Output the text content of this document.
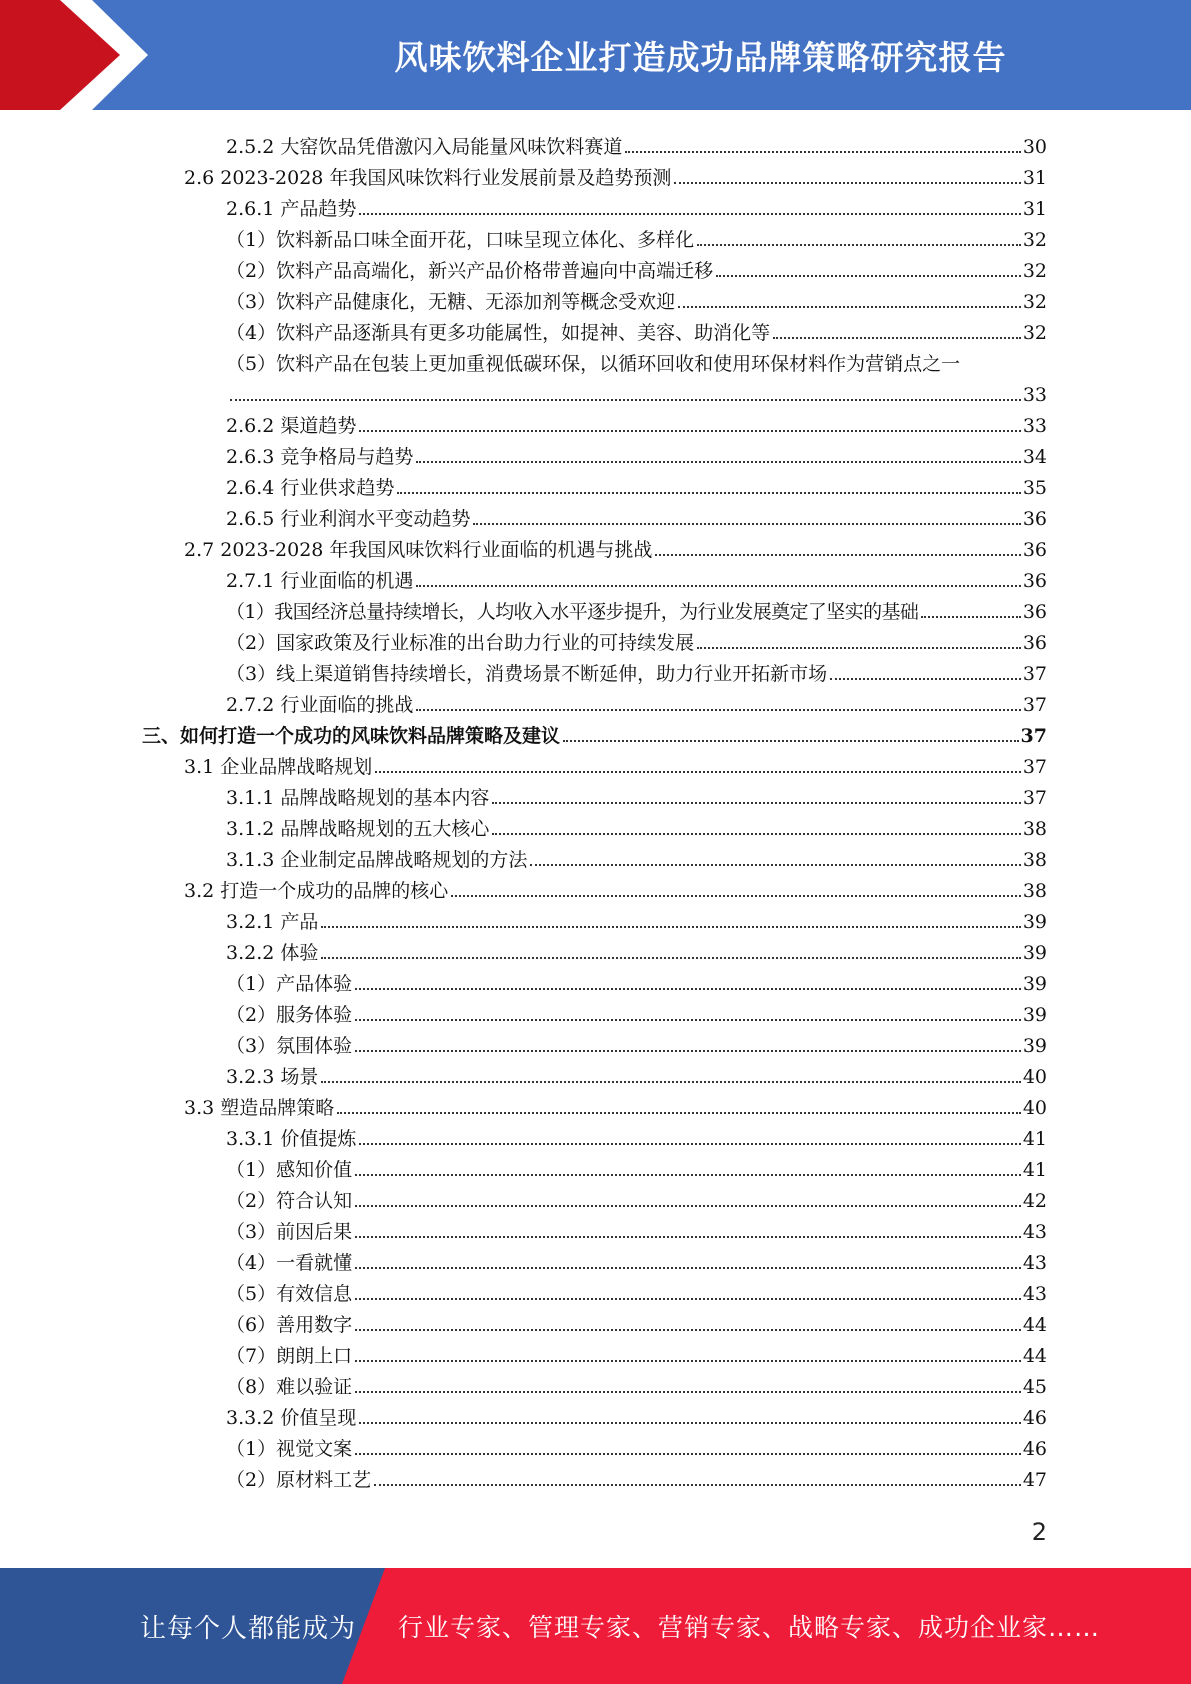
风味饮料企业打造成功品牌策略研究报告
2.5.2 大窑饮品凭借激闪入局能量风味饮料赛道	30
2.6 2023-2028 年我国风味饮料行业发展前景及趋势预测	31
2.6.1 产品趋势	31
（1）饮料新品口味全面开花，口味呈现立体化、多样化	32
（2）饮料产品高端化，新兴产品价格带普遍向中高端迁移	32
（3）饮料产品健康化，无糖、无添加剂等概念受欢迎	32
（4）饮料产品逐渐具有更多功能属性，如提神、美容、助消化等	32
（5）饮料产品在包装上更加重视低碳环保，以循环回收和使用环保材料作为营销点之一
33
2.6.2 渠道趋势	33
2.6.3 竞争格局与趋势	34
2.6.4 行业供求趋势	35
2.6.5 行业利润水平变动趋势	36
2.7 2023-2028 年我国风味饮料行业面临的机遇与挑战	36
2.7.1 行业面临的机遇	36
（1）我国经济总量持续增长，人均收入水平逐步提升，为行业发展奠定了坚实的基础	36
（2）国家政策及行业标准的出台助力行业的可持续发展	36
（3）线上渠道销售持续增长，消费场景不断延伸，助力行业开拓新市场	37
2.7.2 行业面临的挑战	37
三、如何打造一个成功的风味饮料品牌策略及建议	37
3.1 企业品牌战略规划	37
3.1.1 品牌战略规划的基本内容	37
3.1.2 品牌战略规划的五大核心	38
3.1.3 企业制定品牌战略规划的方法	38
3.2 打造一个成功的品牌的核心	38
3.2.1 产品	39
3.2.2 体验	39
（1）产品体验	39
（2）服务体验	39
（3）氛围体验	39
3.2.3 场景	40
3.3 塑造品牌策略	40
3.3.1 价值提炼	41
（1）感知价值	41
（2）符合认知	42
（3）前因后果	43
（4）一看就懂	43
（5）有效信息	43
（6）善用数字	44
（7）朗朗上口	44
（8）难以验证	45
3.3.2 价值呈现	46
（1）视觉文案	46
（2）原材料工艺	47
2
让每个人都能成为 行业专家、管理专家、营销专家、战略专家、成功企业家……
